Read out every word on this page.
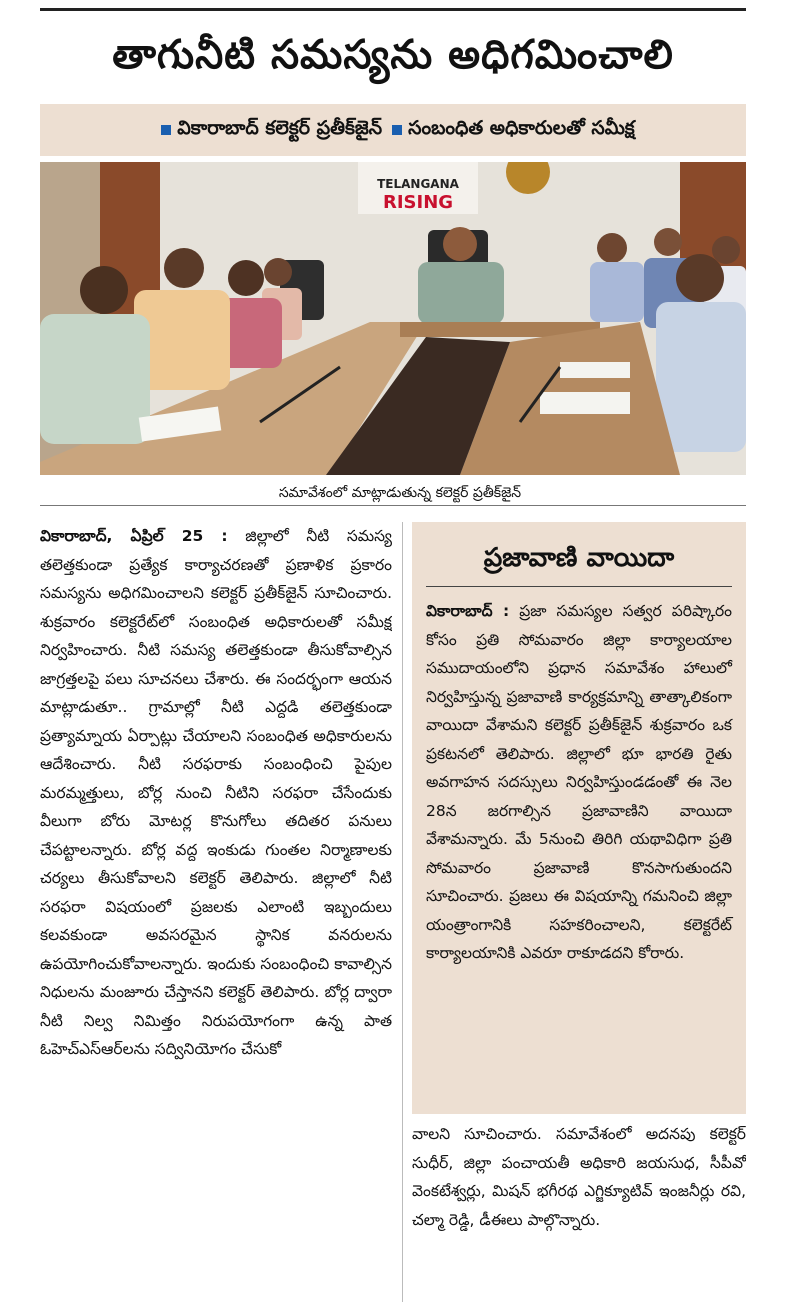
తాగునీటి సమస్యను అధిగమించాలి
వికారాబాద్‌ కలెక్టర్‌ ప్రతీక్‌జైన్‌ సంబంధిత అధికారులతో సమీక్ష
TELANGANA
RISING
సమావేశంలో మాట్లాడుతున్న కలెక్టర్‌ ప్రతీక్‌జైన్‌
వికారాబాద్, ఏప్రిల్ 25 : జిల్లాలో నీటి సమస్య తలెత్తకుండా ప్రత్యేక కార్యాచరణతో ప్రణాళిక ప్రకారం సమస్యను అధిగమించాలని కలెక్టర్ ప్రతీక్‌జైన్ సూచించారు. శుక్రవారం కలెక్టరేట్‌లో సంబంధిత అధికారులతో సమీక్ష నిర్వహించారు. నీటి సమస్య తలెత్తకుండా తీసుకోవాల్సిన జాగ్రత్తలపై పలు సూచనలు చేశారు. ఈ సందర్భంగా ఆయన మాట్లాడుతూ.. గ్రామాల్లో నీటి ఎద్దడి తలెత్తకుండా ప్రత్యామ్నాయ ఏర్పాట్లు చేయాలని సంబంధిత అధికారులను ఆదేశించారు. నీటి సరఫరాకు సంబంధించి పైపుల మరమ్మత్తులు, బోర్ల నుంచి నీటిని సరఫరా చేసేందుకు వీలుగా బోరు మోటర్ల కొనుగోలు తదితర పనులు చేపట్టాలన్నారు. బోర్ల వద్ద ఇంకుడు గుంతల నిర్మాణాలకు చర్యలు తీసుకోవాలని కలెక్టర్ తెలిపారు. జిల్లాలో నీటి సరఫరా విషయంలో ప్రజలకు ఎలాంటి ఇబ్బందులు కలవకుండా అవసరమైన స్థానిక వనరులను ఉపయోగించుకోవాలన్నారు. ఇందుకు సంబంధించి కావాల్సిన నిధులను మంజూరు చేస్తానని కలెక్టర్ తెలిపారు. బోర్ల ద్వారా నీటి నిల్వ నిమిత్తం నిరుపయోగంగా ఉన్న పాత ఓహెచ్ఎస్ఆర్‌లను సద్వినియోగం చేసుకో
ప్రజావాణి వాయిదా

వికారాబాద్ : ప్రజా సమస్యల సత్వర పరిష్కారం కోసం ప్రతి సోమవారం జిల్లా కార్యాలయాల సముదాయంలోని ప్రధాన సమావేశం హాలులో నిర్వహిస్తున్న ప్రజావాణి కార్యక్రమాన్ని తాత్కాలికంగా వాయిదా వేశామని కలెక్టర్ ప్రతీక్‌జైన్ శుక్రవారం ఒక ప్రకటనలో తెలిపారు. జిల్లాలో భూ భారతి రైతు అవగాహన సదస్సులు నిర్వహిస్తుండడంతో ఈ నెల 28న జరగాల్సిన ప్రజావాణిని వాయిదా వేశామన్నారు. మే 5నుంచి తిరిగి యథావిధిగా ప్రతి సోమవారం ప్రజావాణి కొనసాగుతుందని సూచించారు. ప్రజలు ఈ విషయాన్ని గమనించి జిల్లా యంత్రాంగానికి సహకరించాలని, కలెక్టరేట్ కార్యాలయానికి ఎవరూ రాకూడదని కోరారు.

వాలని సూచించారు. సమావేశంలో అదనపు కలెక్టర్ సుధీర్, జిల్లా పంచాయతీ అధికారి జయసుధ, సీపీవో వెంకటేశ్వర్లు, మిషన్ భగీరథ ఎగ్జిక్యూటివ్ ఇంజనీర్లు రవి, చల్మా రెడ్డి, డీఈలు పాల్గొన్నారు.
